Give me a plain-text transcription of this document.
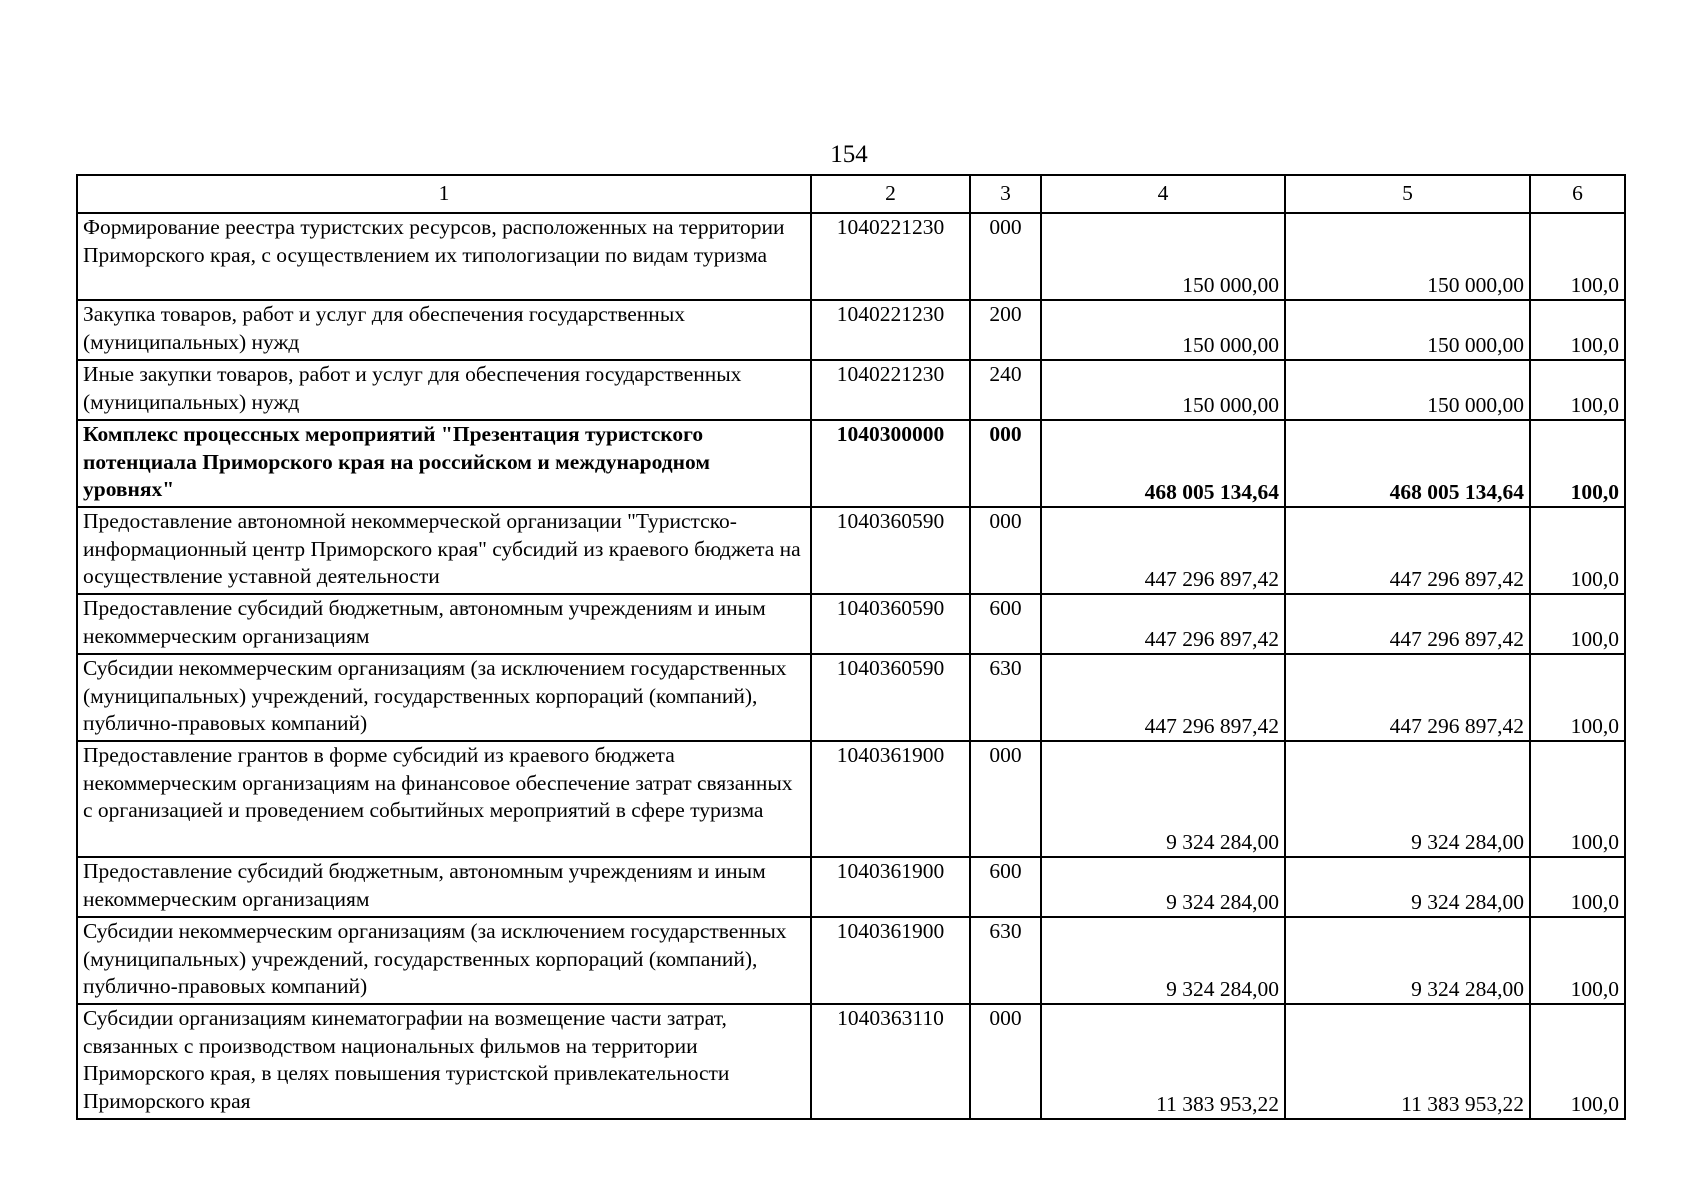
154
1	2	3	4	5	6
Формирование реестра туристских ресурсов, расположенных на территории Приморского края, с осуществлением их типологизации по видам туризма	1040221230	000	150 000,00	150 000,00	100,0
Закупка товаров, работ и услуг для обеспечения государственных (муниципальных) нужд	1040221230	200	150 000,00	150 000,00	100,0
Иные закупки товаров, работ и услуг для обеспечения государственных (муниципальных) нужд	1040221230	240	150 000,00	150 000,00	100,0
Комплекс процессных мероприятий "Презентация туристского потенциала Приморского края на российском и международном уровнях"	1040300000	000	468 005 134,64	468 005 134,64	100,0
Предоставление автономной некоммерческой организации "Туристско-информационный центр Приморского края" субсидий из краевого бюджета на осуществление уставной деятельности	1040360590	000	447 296 897,42	447 296 897,42	100,0
Предоставление субсидий бюджетным, автономным учреждениям и иным некоммерческим организациям	1040360590	600	447 296 897,42	447 296 897,42	100,0
Субсидии некоммерческим организациям (за исключением государственных (муниципальных) учреждений, государственных корпораций (компаний), публично-правовых компаний)	1040360590	630	447 296 897,42	447 296 897,42	100,0
Предоставление грантов в форме субсидий из краевого бюджета некоммерческим организациям на финансовое обеспечение затрат связанных с организацией и проведением событийных мероприятий в сфере туризма	1040361900	000	9 324 284,00	9 324 284,00	100,0
Предоставление субсидий бюджетным, автономным учреждениям и иным некоммерческим организациям	1040361900	600	9 324 284,00	9 324 284,00	100,0
Субсидии некоммерческим организациям (за исключением государственных (муниципальных) учреждений, государственных корпораций (компаний), публично-правовых компаний)	1040361900	630	9 324 284,00	9 324 284,00	100,0
Субсидии организациям кинематографии на возмещение части затрат, связанных с производством национальных фильмов на территории Приморского края, в целях повышения туристской привлекательности Приморского края	1040363110	000	11 383 953,22	11 383 953,22	100,0
